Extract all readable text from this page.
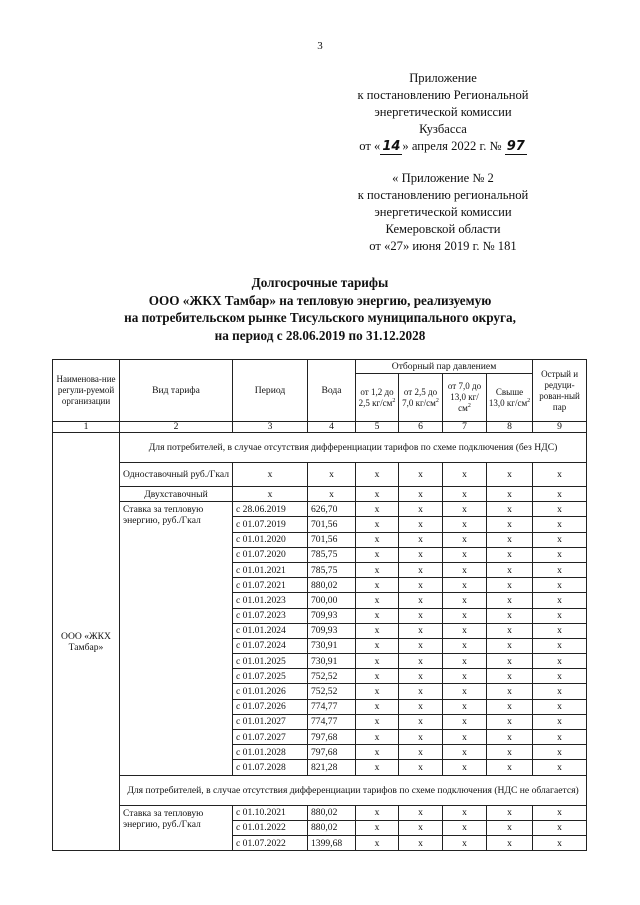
3
Приложение
к постановлению Региональной
энергетической комиссии
Кузбасса
от « 14 » апреля 2022 г. № 97
« Приложение № 2
к постановлению региональной
энергетической комиссии
Кемеровской области
от «27» июня 2019 г. № 181
Долгосрочные тарифы
ООО «ЖКХ Тамбар» на тепловую энергию, реализуемую
на потребительском рынке Тисульского муниципального округа,
на период с 28.06.2019 по 31.12.2028
Наименова-ние регули-руемой организации	Вид тарифа	Период	Вода	Отборный пар давлением				Острый и редуци-рован-ный пар
				от 1,2 до 2,5 $кг/см^2$	от 2,5 до 7,0 $кг/см^2$	от 7,0 до 13,0 $кг/см^2$	Свыше 13,0 $кг/см^2$
1	2	3	4	5	6	7	8	9
ООО «ЖКХ Тамбар»	Для потребителей, в случае отсутствия дифференциации тарифов по схеме подключения (без НДС)							
	Одноставочный руб./Гкал	x	x	x	x	x	x	x
	Двухставочный	x	x	x	x	x	x	x
	Ставка за тепловую энергию, руб./Гкал	с 28.06.2019	626,70	x	x	x	x	x
		с 01.07.2019	701,56	x	x	x	x	x
		с 01.01.2020	701,56	x	x	x	x	x
		с 01.07.2020	785,75	x	x	x	x	x
		с 01.01.2021	785,75	x	x	x	x	x
		с 01.07.2021	880,02	x	x	x	x	x
		с 01.01.2023	700,00	x	x	x	x	x
		с 01.07.2023	709,93	x	x	x	x	x
		с 01.01.2024	709,93	x	x	x	x	x
		с 01.07.2024	730,91	x	x	x	x	x
		с 01.01.2025	730,91	x	x	x	x	x
		с 01.07.2025	752,52	x	x	x	x	x
		с 01.01.2026	752,52	x	x	x	x	x
		с 01.07.2026	774,77	x	x	x	x	x
		с 01.01.2027	774,77	x	x	x	x	x
		с 01.07.2027	797,68	x	x	x	x	x
		с 01.01.2028	797,68	x	x	x	x	x
		с 01.07.2028	821,28	x	x	x	x	x
	Для потребителей, в случае отсутствия дифференциации тарифов по схеме подключения (НДС не облагается)							
	Ставка за тепловую энергию, руб./Гкал	с 01.10.2021	880,02	x	x	x	x	x
		с 01.01.2022	880,02	x	x	x	x	x
		с 01.07.2022	1399,68	x	x	x	x	x
